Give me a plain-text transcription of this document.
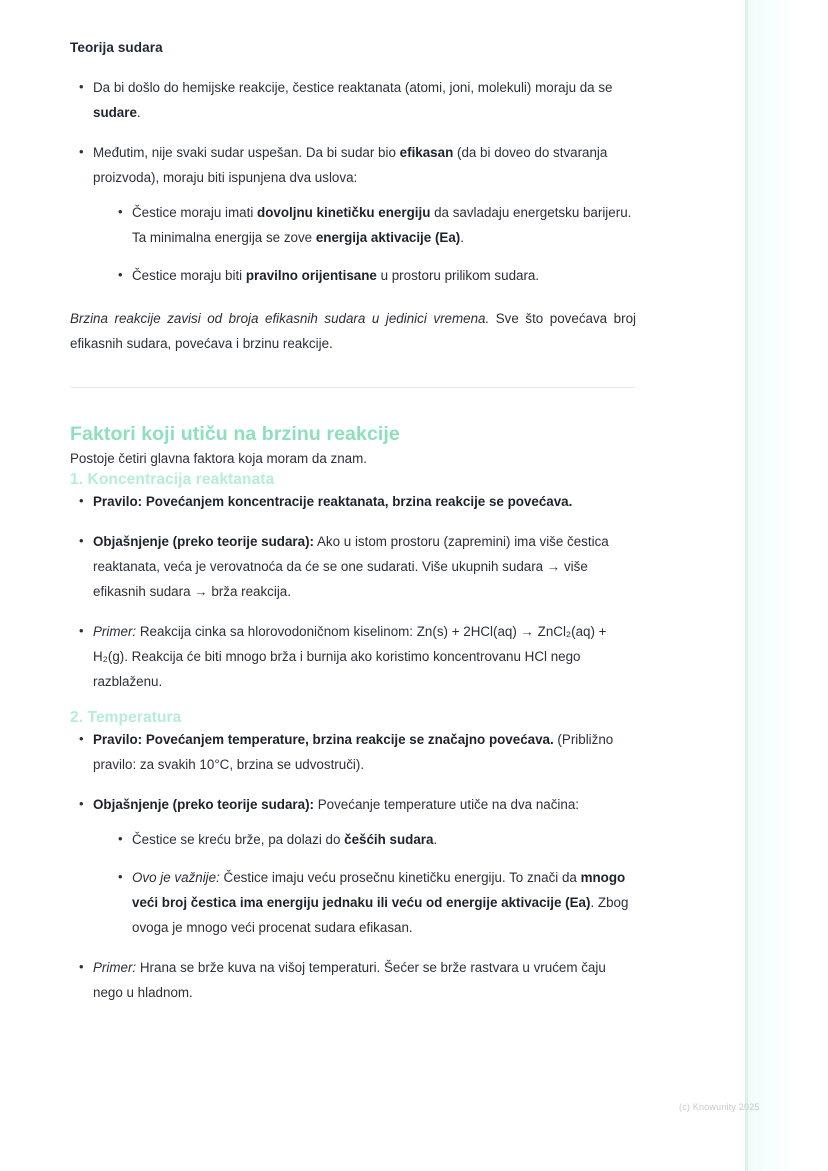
Teorija sudara
• Da bi došlo do hemijske reakcije, čestice reaktanata (atomi, joni, molekuli) moraju da se sudare.
• Međutim, nije svaki sudar uspešan. Da bi sudar bio efikasan (da bi doveo do stvaranja proizvoda), moraju biti ispunjena dva uslova:
• Čestice moraju imati dovoljnu kinetičku energiju da savladaju energetsku barijeru. Ta minimalna energija se zove energija aktivacije (Ea).
• Čestice moraju biti pravilno orijentisane u prostoru prilikom sudara.

Brzina reakcije zavisi od broja efikasnih sudara u jedinici vremena. Sve što povećava broj efikasnih sudara, povećava i brzinu reakcije.

Faktori koji utiču na brzinu reakcije

Postoje četiri glavna faktora koja moram da znam.

1. Koncentracija reaktanata
• Pravilo: Povećanjem koncentracije reaktanata, brzina reakcije se povećava.
• Objašnjenje (preko teorije sudara): Ako u istom prostoru (zapremini) ima više čestica reaktanata, veća je verovatnoća da će se one sudarati. Više ukupnih sudara → više efikasnih sudara → brža reakcija.
• Primer: Reakcija cinka sa hlorovodoničnom kiselinom: Zn(s) + 2HCl(aq) → ZnCl₂(aq) + H₂(g). Reakcija će biti mnogo brža i burnija ako koristimo koncentrovanu HCl nego razblaženu.
2. Temperatura
• Pravilo: Povećanjem temperature, brzina reakcije se značajno povećava. (Približno pravilo: za svakih 10°C, brzina se udvostruči).
• Objašnjenje (preko teorije sudara): Povećanje temperature utiče na dva načina:
• Čestice se kreću brže, pa dolazi do češćih sudara.
• Ovo je važnije: Čestice imaju veću prosečnu kinetičku energiju. To znači da mnogo veći broj čestica ima energiju jednaku ili veću od energije aktivacije (Ea). Zbog ovoga je mnogo veći procenat sudara efikasan.
• Primer: Hrana se brže kuva na višoj temperaturi. Šećer se brže rastvara u vrućem čaju nego u hladnom.
(c) Knowunity 2025
